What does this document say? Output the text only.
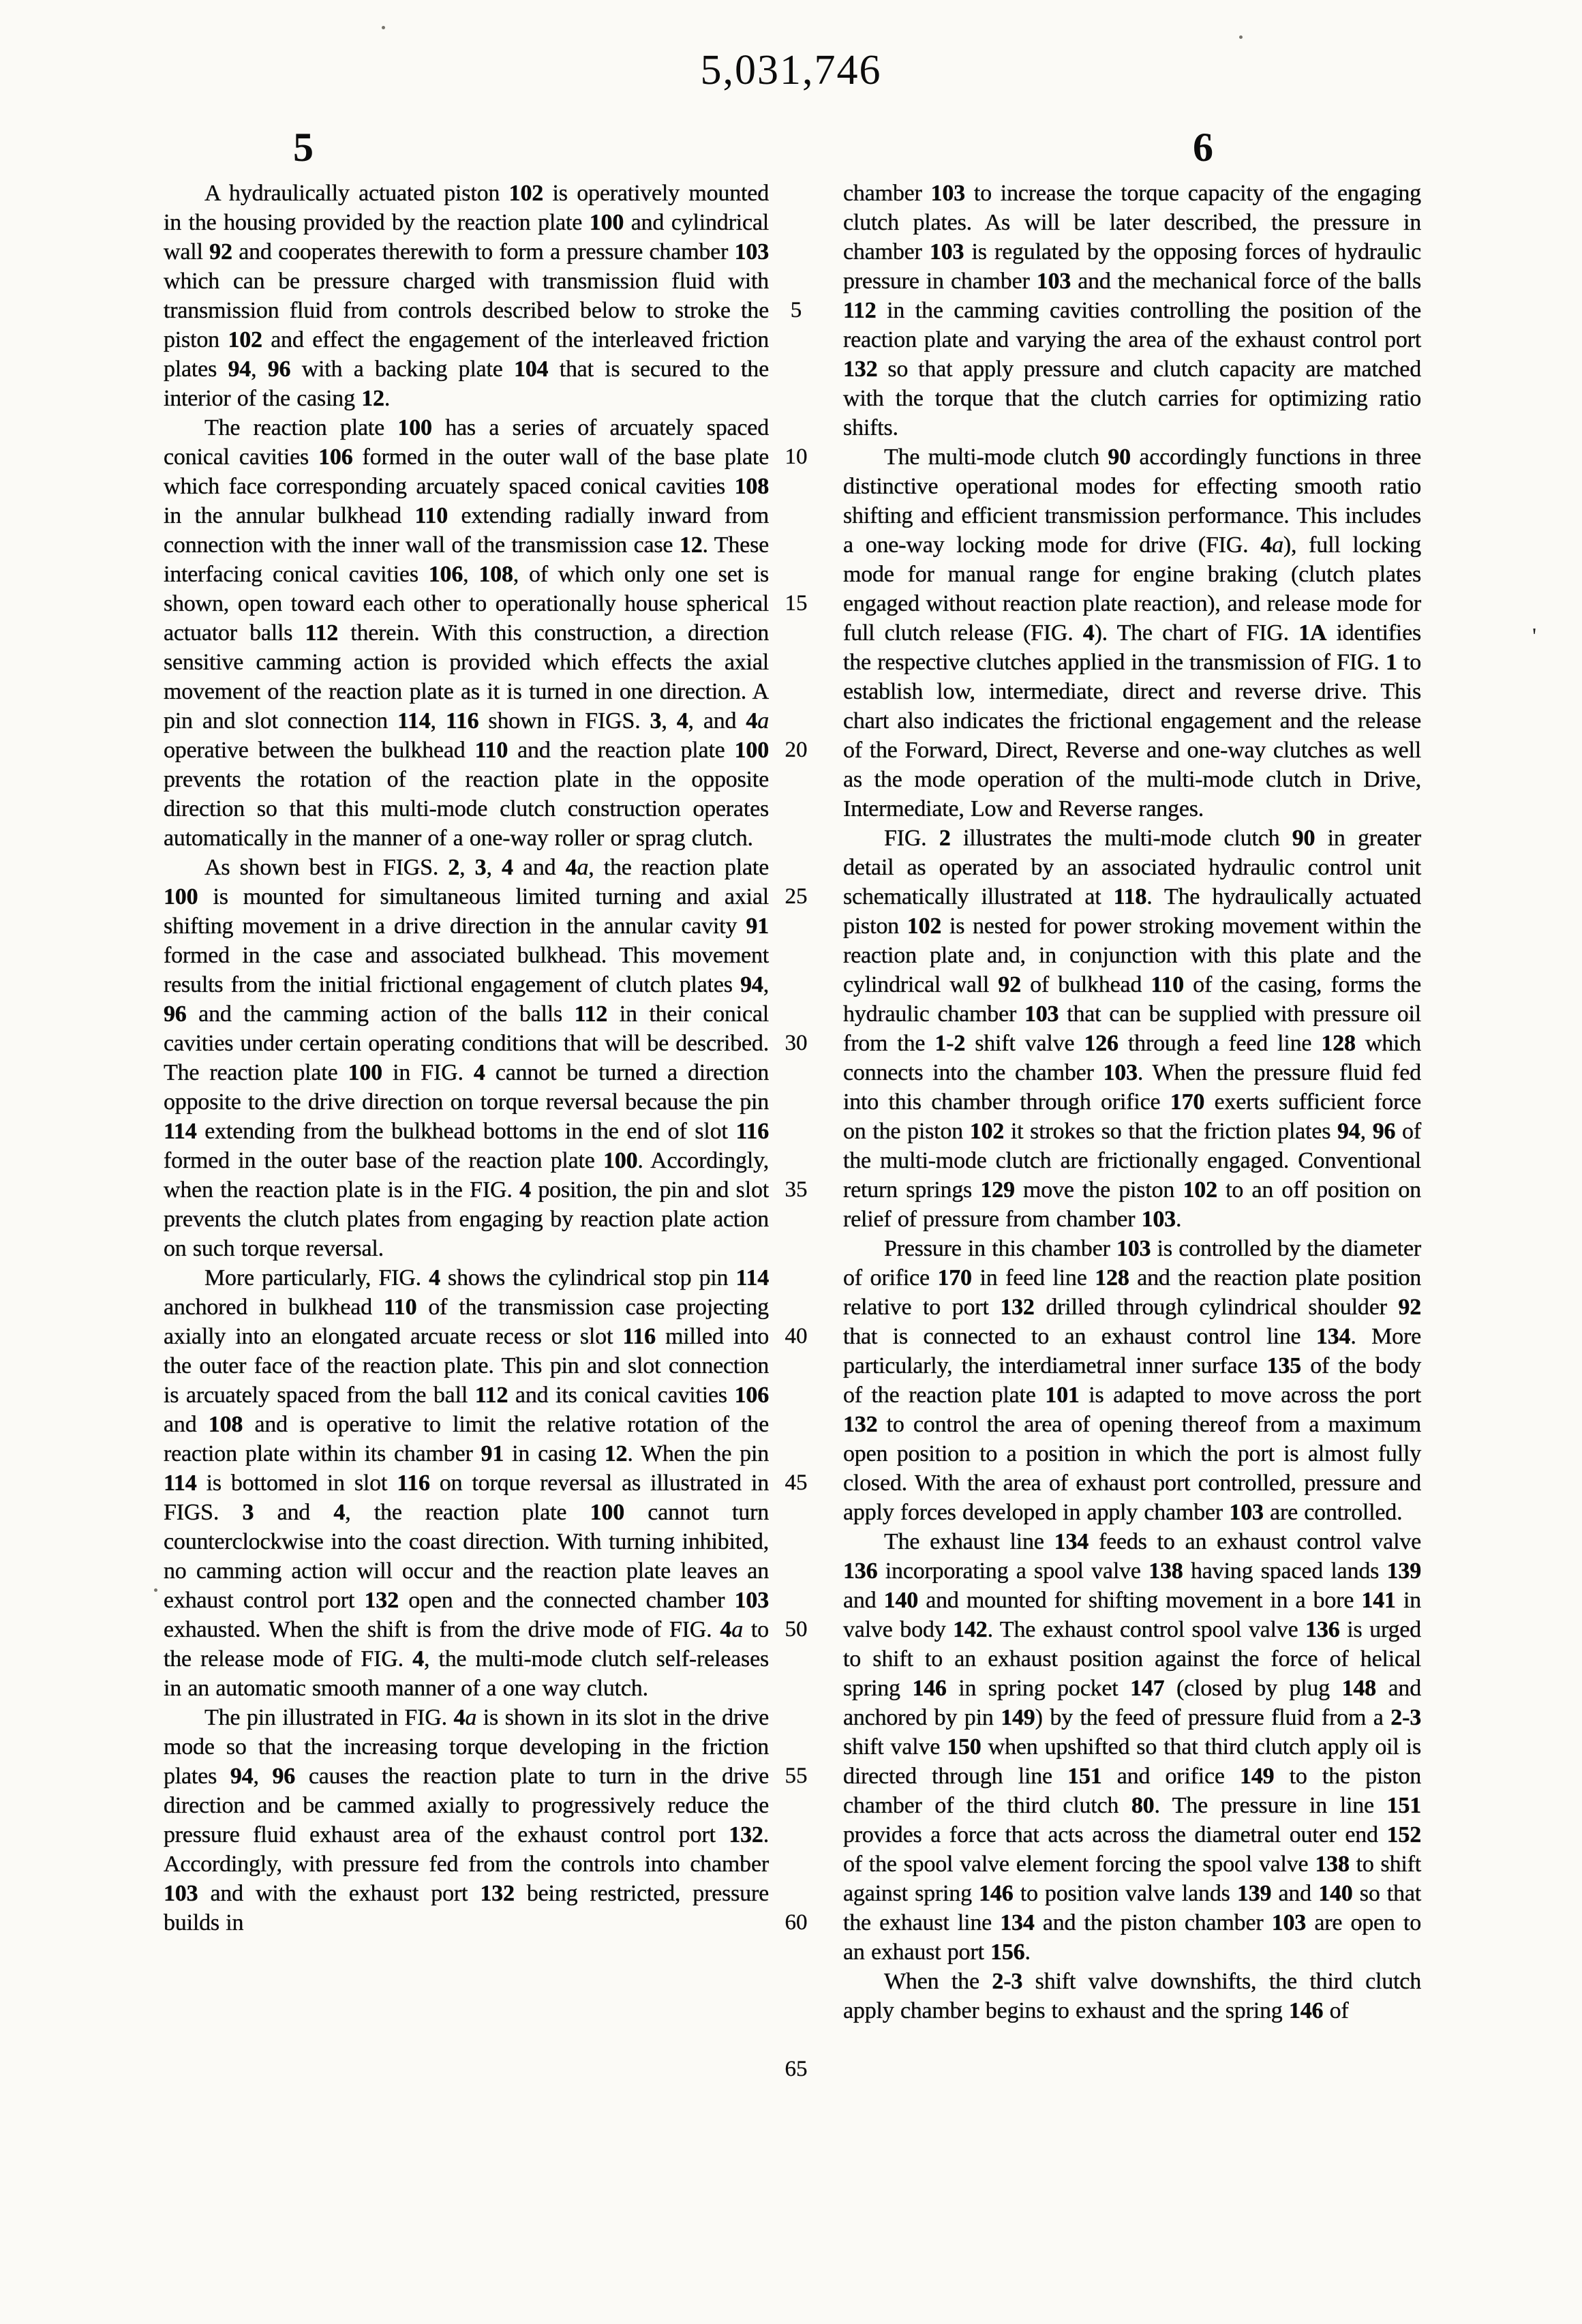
5,031,746
5	6
5
10
15
20
25
30
35
40
45
50
55
60
65

A hydraulically actuated piston 102 is operatively mounted in the housing provided by the reaction plate 100 and cylindrical wall 92 and cooperates therewith to form a pressure chamber 103 which can be pressure charged with transmission fluid with transmission fluid from controls described below to stroke the piston 102 and effect the engagement of the interleaved friction plates 94, 96 with a backing plate 104 that is secured to the interior of the casing 12.

The reaction plate 100 has a series of arcuately spaced conical cavities 106 formed in the outer wall of the base plate which face corresponding arcuately spaced conical cavities 108 in the annular bulkhead 110 extending radially inward from connection with the inner wall of the transmission case 12. These interfacing conical cavities 106, 108, of which only one set is shown, open toward each other to operationally house spherical actuator balls 112 therein. With this construction, a direction sensitive camming action is provided which effects the axial movement of the reaction plate as it is turned in one direction. A pin and slot connection 114, 116 shown in FIGS. 3, 4, and 4a operative between the bulkhead 110 and the reaction plate 100 prevents the rotation of the reaction plate in the opposite direction so that this multi-mode clutch construction operates automatically in the manner of a one-way roller or sprag clutch.

As shown best in FIGS. 2, 3, 4 and 4a, the reaction plate 100 is mounted for simultaneous limited turning and axial shifting movement in a drive direction in the annular cavity 91 formed in the case and associated bulkhead. This movement results from the initial frictional engagement of clutch plates 94, 96 and the camming action of the balls 112 in their conical cavities under certain operating conditions that will be described. The reaction plate 100 in FIG. 4 cannot be turned a direction opposite to the drive direction on torque reversal because the pin 114 extending from the bulkhead bottoms in the end of slot 116 formed in the outer base of the reaction plate 100. Accordingly, when the reaction plate is in the FIG. 4 position, the pin and slot prevents the clutch plates from engaging by reaction plate action on such torque reversal.

More particularly, FIG. 4 shows the cylindrical stop pin 114 anchored in bulkhead 110 of the transmission case projecting axially into an elongated arcuate recess or slot 116 milled into the outer face of the reaction plate. This pin and slot connection is arcuately spaced from the ball 112 and its conical cavities 106 and 108 and is operative to limit the relative rotation of the reaction plate within its chamber 91 in casing 12. When the pin 114 is bottomed in slot 116 on torque reversal as illustrated in FIGS. 3 and 4, the reaction plate 100 cannot turn counterclockwise into the coast direction. With turning inhibited, no camming action will occur and the reaction plate leaves an exhaust control port 132 open and the connected chamber 103 exhausted. When the shift is from the drive mode of FIG. 4a to the release mode of FIG. 4, the multi-mode clutch self-releases in an automatic smooth manner of a one way clutch.

The pin illustrated in FIG. 4a is shown in its slot in the drive mode so that the increasing torque developing in the friction plates 94, 96 causes the reaction plate to turn in the drive direction and be cammed axially to progressively reduce the pressure fluid exhaust area of the exhaust control port 132. Accordingly, with pressure fed from the controls into chamber 103 and with the exhaust port 132 being restricted, pressure builds in

chamber 103 to increase the torque capacity of the engaging clutch plates. As will be later described, the pressure in chamber 103 is regulated by the opposing forces of hydraulic pressure in chamber 103 and the mechanical force of the balls 112 in the camming cavities controlling the position of the reaction plate and varying the area of the exhaust control port 132 so that apply pressure and clutch capacity are matched with the torque that the clutch carries for optimizing ratio shifts.

The multi-mode clutch 90 accordingly functions in three distinctive operational modes for effecting smooth ratio shifting and efficient transmission performance. This includes a one-way locking mode for drive (FIG. 4a), full locking mode for manual range for engine braking (clutch plates engaged without reaction plate reaction), and release mode for full clutch release (FIG. 4). The chart of FIG. 1A identifies the respective clutches applied in the transmission of FIG. 1 to establish low, intermediate, direct and reverse drive. This chart also indicates the frictional engagement and the release of the Forward, Direct, Reverse and one-way clutches as well as the mode operation of the multi-mode clutch in Drive, Intermediate, Low and Reverse ranges.

FIG. 2 illustrates the multi-mode clutch 90 in greater detail as operated by an associated hydraulic control unit schematically illustrated at 118. The hydraulically actuated piston 102 is nested for power stroking movement within the reaction plate and, in conjunction with this plate and the cylindrical wall 92 of bulkhead 110 of the casing, forms the hydraulic chamber 103 that can be supplied with pressure oil from the 1-2 shift valve 126 through a feed line 128 which connects into the chamber 103. When the pressure fluid fed into this chamber through orifice 170 exerts sufficient force on the piston 102 it strokes so that the friction plates 94, 96 of the multi-mode clutch are frictionally engaged. Conventional return springs 129 move the piston 102 to an off position on relief of pressure from chamber 103.

Pressure in this chamber 103 is controlled by the diameter of orifice 170 in feed line 128 and the reaction plate position relative to port 132 drilled through cylindrical shoulder 92 that is connected to an exhaust control line 134. More particularly, the interdiametral inner surface 135 of the body of the reaction plate 101 is adapted to move across the port 132 to control the area of opening thereof from a maximum open position to a position in which the port is almost fully closed. With the area of exhaust port controlled, pressure and apply forces developed in apply chamber 103 are controlled.

The exhaust line 134 feeds to an exhaust control valve 136 incorporating a spool valve 138 having spaced lands 139 and 140 and mounted for shifting movement in a bore 141 in valve body 142. The exhaust control spool valve 136 is urged to shift to an exhaust position against the force of helical spring 146 in spring pocket 147 (closed by plug 148 and anchored by pin 149) by the feed of pressure fluid from a 2-3 shift valve 150 when upshifted so that third clutch apply oil is directed through line 151 and orifice 149 to the piston chamber of the third clutch 80. The pressure in line 151 provides a force that acts across the diametral outer end 152 of the spool valve element forcing the spool valve 138 to shift against spring 146 to position valve lands 139 and 140 so that the exhaust line 134 and the piston chamber 103 are open to an exhaust port 156.

When the 2-3 shift valve downshifts, the third clutch apply chamber begins to exhaust and the spring 146 of

'
